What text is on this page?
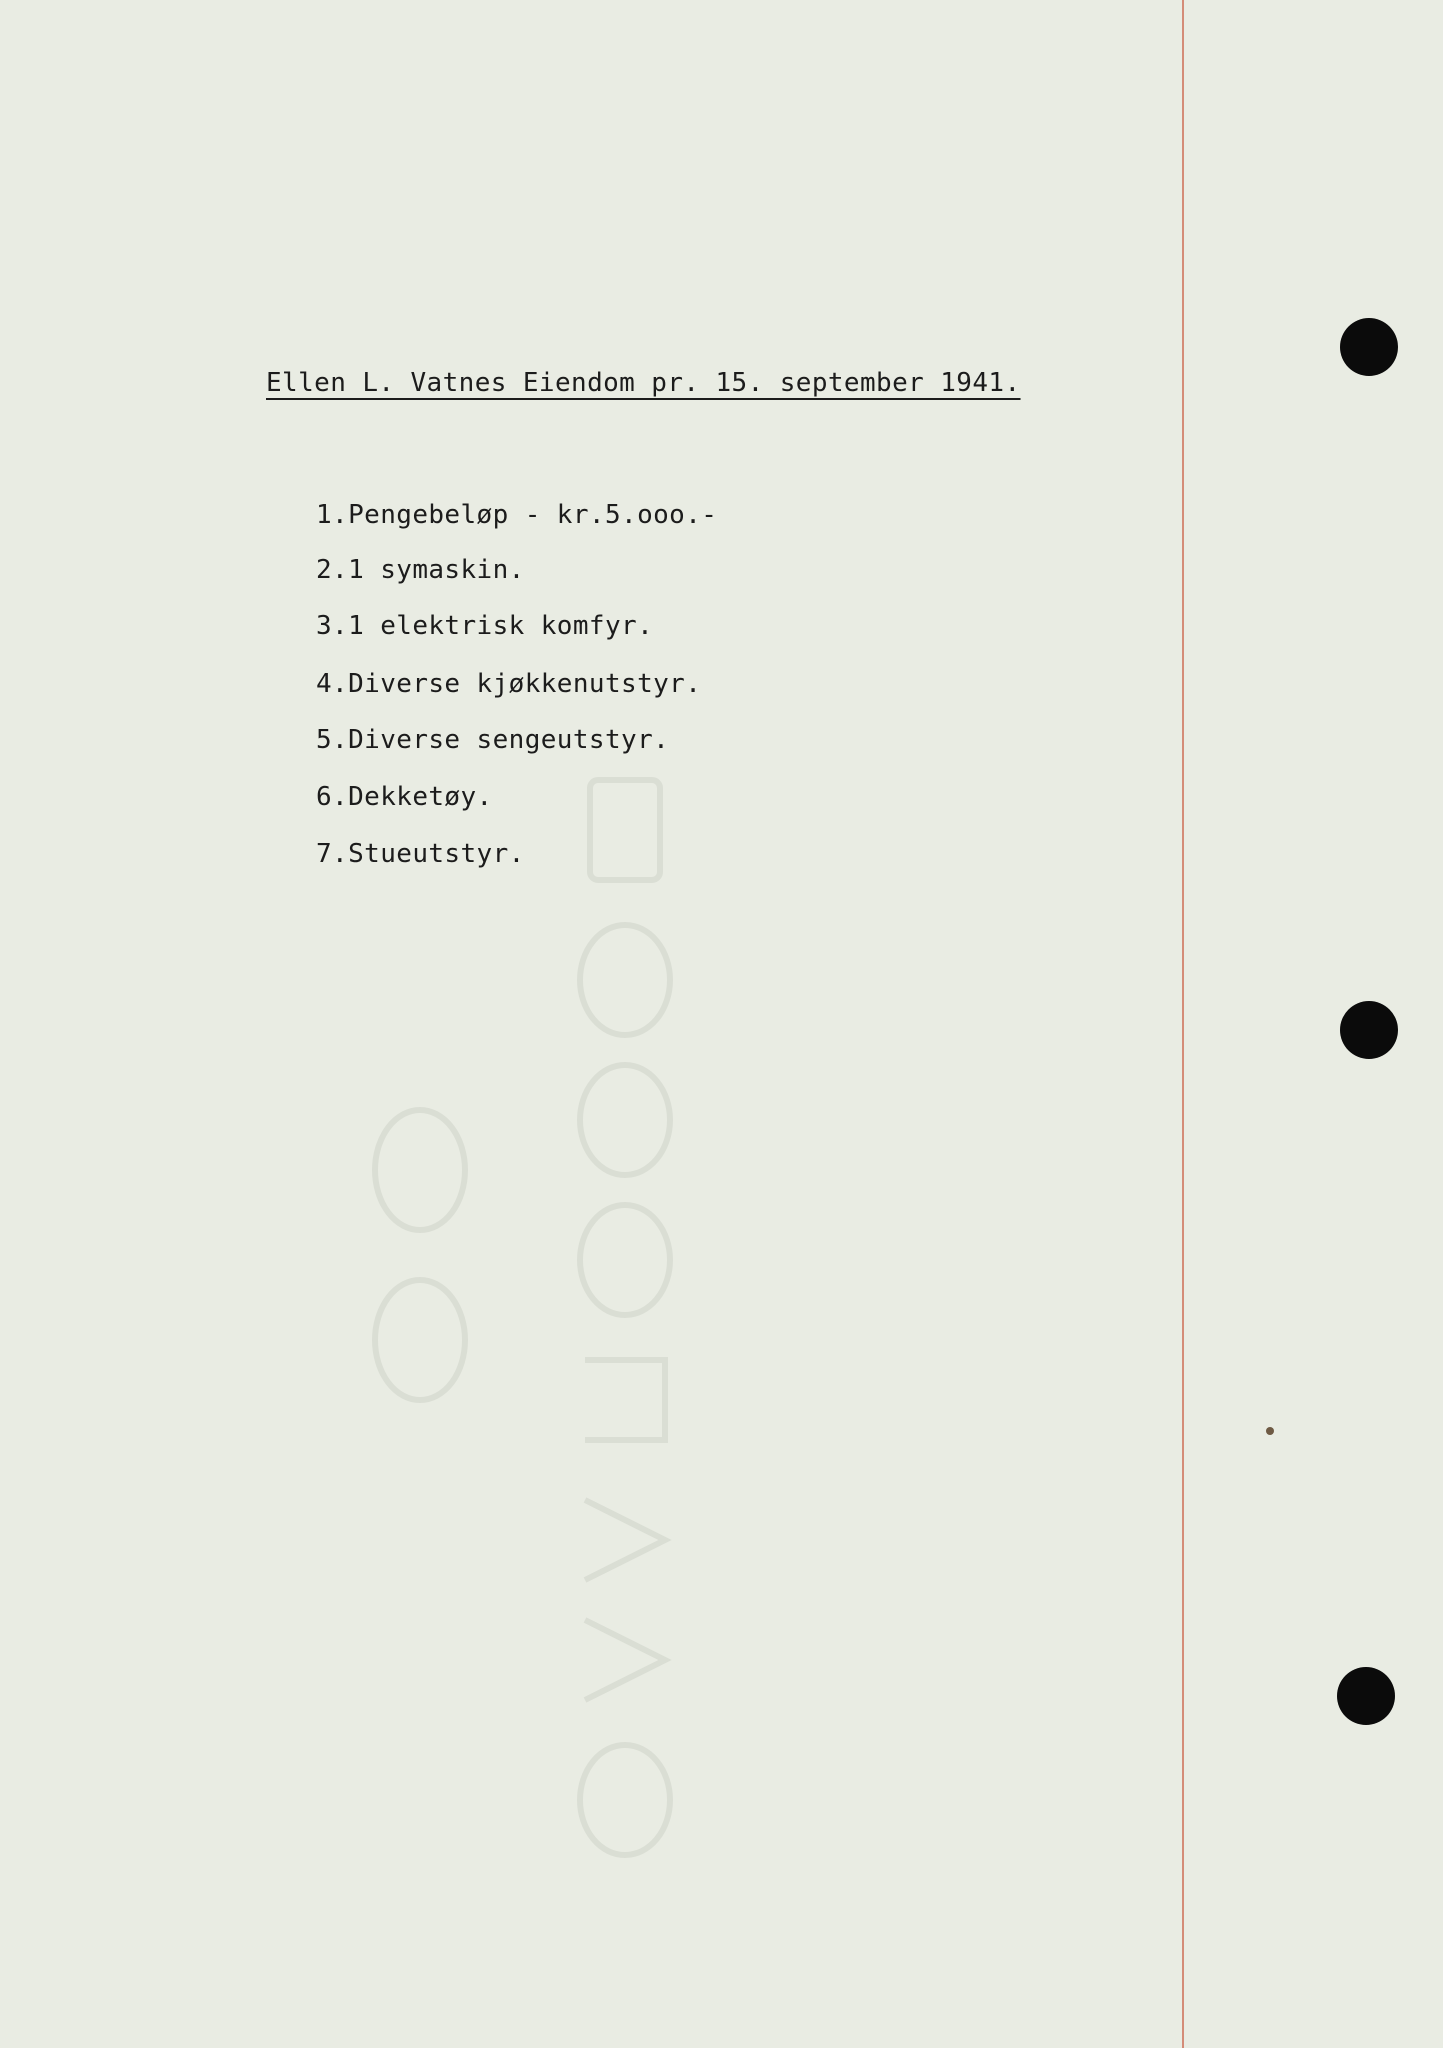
Ellen L. Vatnes Eiendom pr. 15. september 1941.
1.Pengebeløp - kr.5.ooo.-
2.1 symaskin.
3.1 elektrisk komfyr.
4.Diverse kjøkkenutstyr.
5.Diverse sengeutstyr.
6.Dekketøy.
7.Stueutstyr.
